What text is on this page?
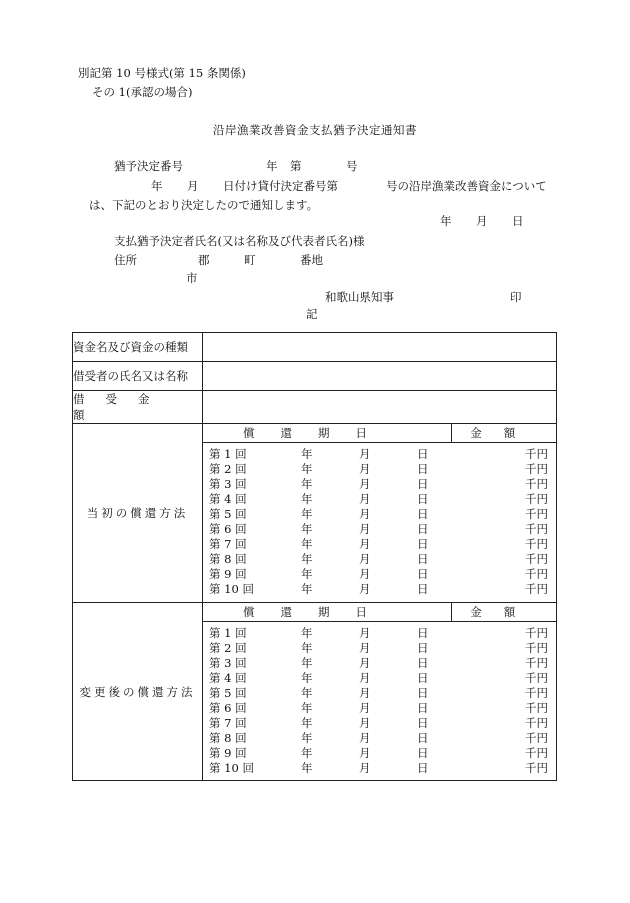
別記第 10 号様式(第 15 条関係)
その 1(承認の場合)
沿岸漁業改善資金支払猶予決定通知書
猶予決定番号	年 第	号
年 月 日付け貸付決定番号第	号の沿岸漁業改善資金について
は、下記のとおり決定したので通知します。
年 月 日
支払猶予決定者氏名(又は名称及び代表者氏名)様
住所	郡	町	番地
市
和歌山県知事	印
記
資金名及び資金の種類	
借受者の氏名又は名称	
借受金額	
当初の償還方法	
償還期日	金額

第 1 回	年	月	日	千円
第 2 回	年	月	日	千円
第 3 回	年	月	日	千円
第 4 回	年	月	日	千円
第 5 回	年	月	日	千円
第 6 回	年	月	日	千円
第 7 回	年	月	日	千円
第 8 回	年	月	日	千円
第 9 回	年	月	日	千円
第 10 回	年	月	日	千円

変更後の償還方法	
償還期日	金額

第 1 回	年	月	日	千円
第 2 回	年	月	日	千円
第 3 回	年	月	日	千円
第 4 回	年	月	日	千円
第 5 回	年	月	日	千円
第 6 回	年	月	日	千円
第 7 回	年	月	日	千円
第 8 回	年	月	日	千円
第 9 回	年	月	日	千円
第 10 回	年	月	日	千円
